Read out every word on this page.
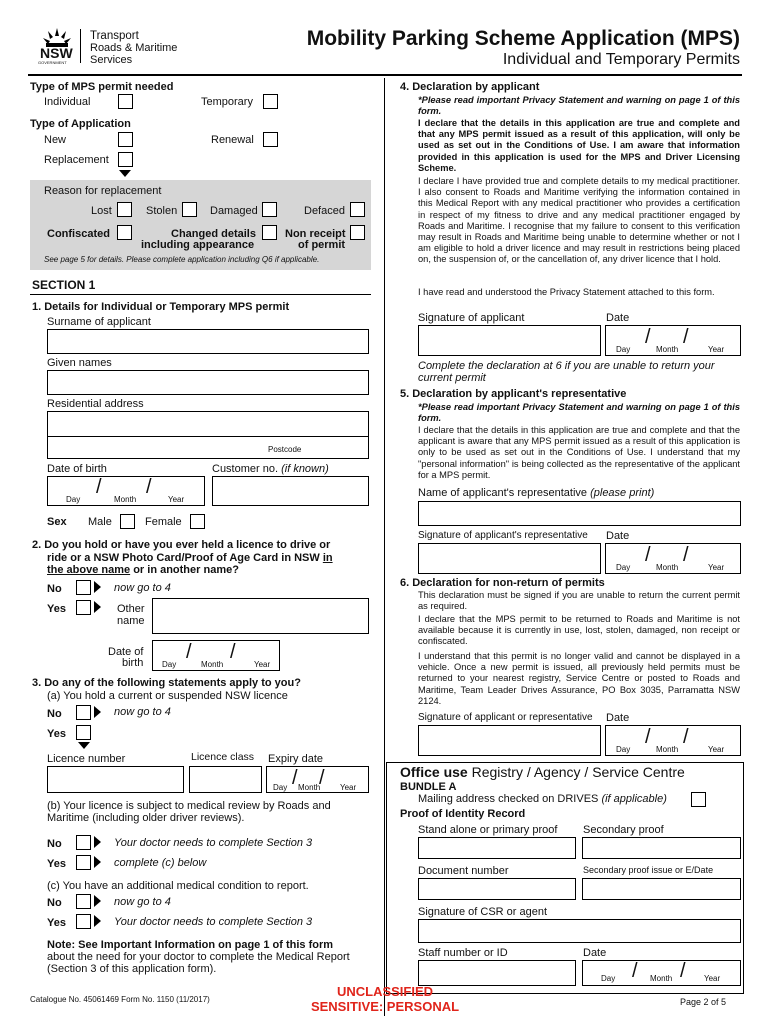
NSW
GOVERNMENT
Transport
Roads & Maritime
Services
Mobility Parking Scheme Application (MPS)
Individual and Temporary Permits
Type of MPS permit needed
Individual	Temporary
Type of Application
New	Renewal
Replacement
Reason for replacement
Lost	Stolen	Damaged	Defaced
Confiscated	Changed details
including appearance
Non receipt
of permit
See page 5 for details. Please complete application including Q6 if applicable.
SECTION 1
1. Details for Individual or Temporary MPS permit
Surname of applicant
Given names
Residential address
Postcode
Date of birth	Customer no. (if known)
/ /
Day	Month	Year
Sex Male	Female
2. Do you hold or have you ever held a licence to drive or
ride or a NSW Photo Card/Proof of Age Card in NSW in
the above name or in another name?
No	now go to 4
Yes	Other
name
Date of
birth / /
Day	Month	Year
3. Do any of the following statements apply to you?
(a) You hold a current or suspended NSW licence
No	now go to 4
Yes
Licence number	Licence class Expiry date
/ /
Day Month Year
(b) Your licence is subject to medical review by Roads and
Maritime (including older driver reviews).
No	Your doctor needs to complete Section 3
Yes	complete (c) below
(c) You have an additional medical condition to report.
No	now go to 4
Yes	Your doctor needs to complete Section 3
Note: See Important Information on page 1 of this form
about the need for your doctor to complete the Medical Report
(Section 3 of this application form).
Catalogue No. 45061469 Form No. 1150 (11/2017)
4. Declaration by applicant
*Please read important Privacy Statement and warning on page 1 of this form.
I declare that the details in this application are true and complete and that any MPS permit issued as a result of this application, will only be used as set out in the Conditions of Use. I am aware that information provided in this application is used for the MPS and Driver Licensing Scheme.
I declare I have provided true and complete details to my medical practitioner. I also consent to Roads and Maritime verifying the information contained in this Medical Report with any medical practitioner who provides a certification in respect of my fitness to drive and any medical practitioner engaged by Roads and Maritime. I recognise that my failure to consent to this verification may result in Roads and Maritime being unable to determine whether or not I am eligible to hold a driver licence and may result in restrictions being placed on, the suspension of, or the cancellation of, any driver licence that I hold.
I have read and understood the Privacy Statement attached to this form.
Signature of applicant	Date
/ /
Day	Month	Year
Complete the declaration at 6 if you are unable to return your current permit
5. Declaration by applicant's representative
*Please read important Privacy Statement and warning on page 1 of this form.
I declare that the details in this application are true and complete and that the applicant is aware that any MPS permit issued as a result of this application is only to be used as set out in the Conditions of Use. I understand that my "personal information" is being collected as the representative of the applicant for a MPS permit.
Name of applicant's representative (please print)
Signature of applicant's representative Date
/ /
Day	Month	Year
6. Declaration for non-return of permits
This declaration must be signed if you are unable to return the current permit as required.
I declare that the MPS permit to be returned to Roads and Maritime is not available because it is currently in use, lost, stolen, damaged, non receipt or confiscated.
I understand that this permit is no longer valid and cannot be displayed in a vehicle. Once a new permit is issued, all previously held permits must be returned to your nearest registry, Service Centre or posted to Roads and Maritime, Team Leader Drives Assurance, PO Box 3035, Parramatta NSW 2124.
Signature of applicant or representative Date
/ /
Day	Month	Year
Office use Registry / Agency / Service Centre
BUNDLE A
Mailing address checked on DRIVES (if applicable)
Proof of Identity Record
Stand alone or primary proof Secondary proof
Document number	Secondary proof issue or E/Date
Signature of CSR or agent
Staff number or ID	Date
/ /
Day	Month	Year
UNCLASSIFIED
SENSITIVE: PERSONAL	Page 2 of 5
